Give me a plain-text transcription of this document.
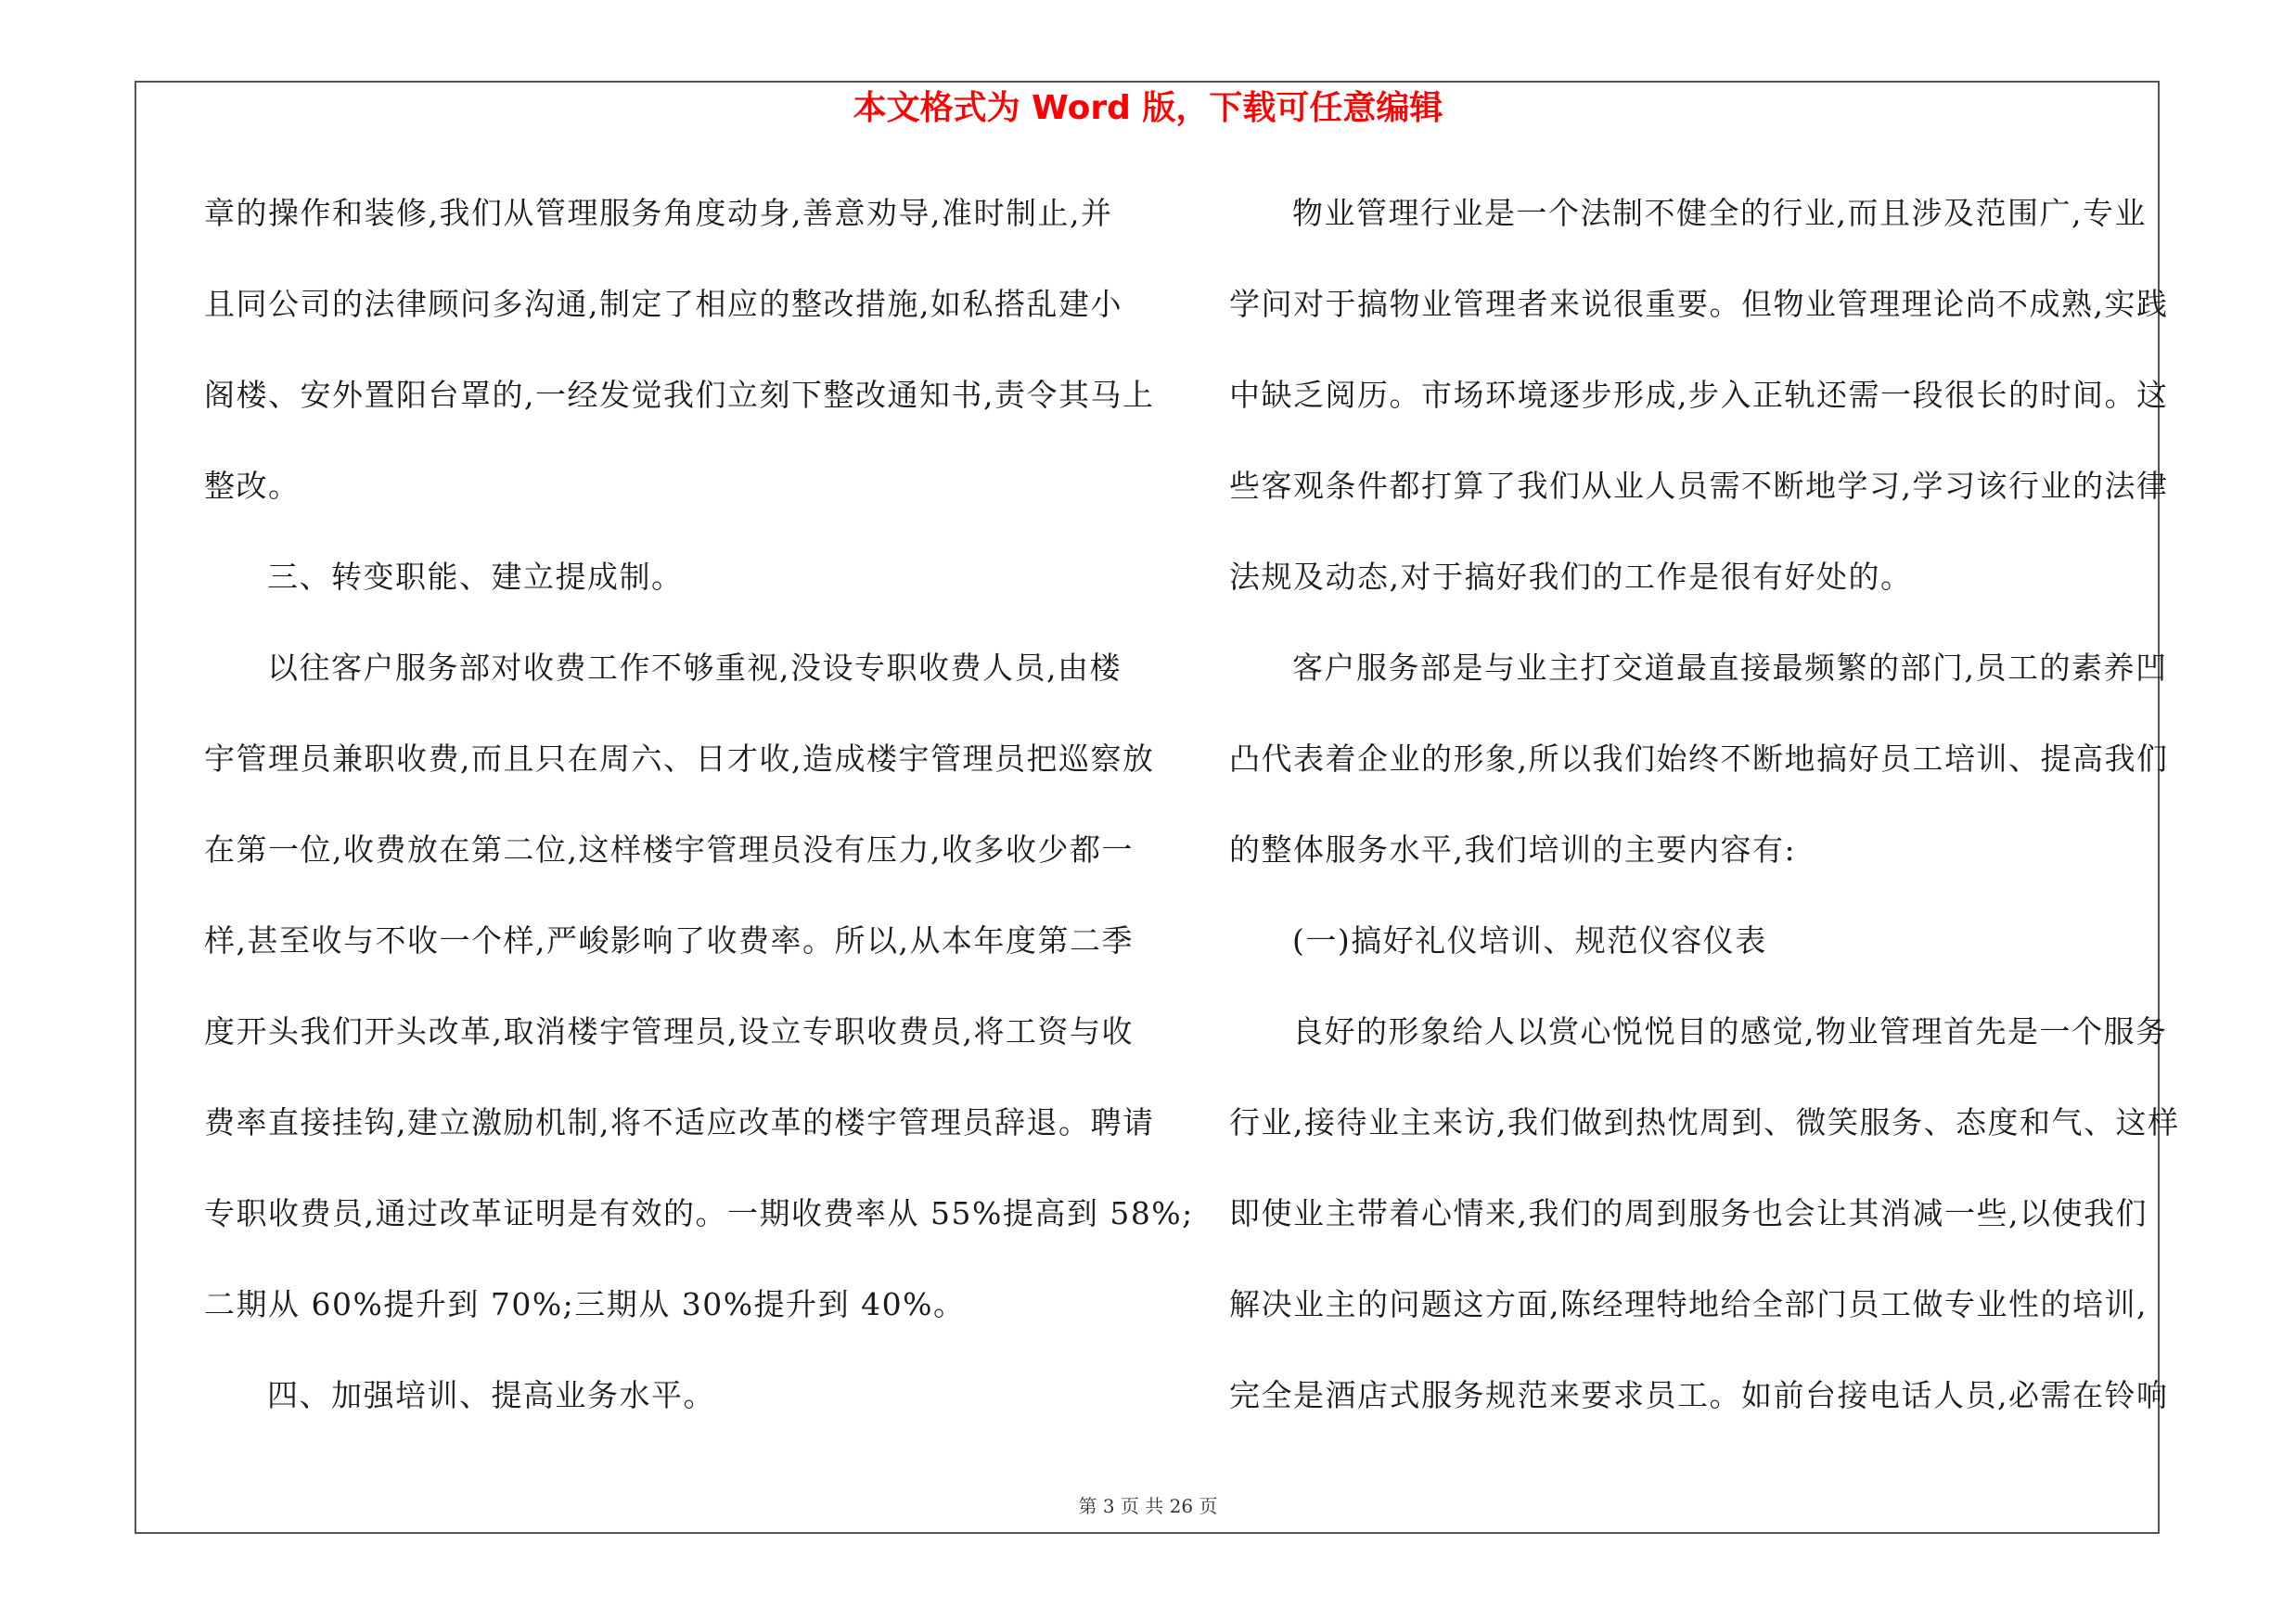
本文格式为 Word 版，下载可任意编辑
章的操作和装修,我们从管理服务角度动身,善意劝导,准时制止,并
且同公司的法律顾问多沟通,制定了相应的整改措施,如私搭乱建小
阁楼、安外置阳台罩的,一经发觉我们立刻下整改通知书,责令其马上
整改。
三、转变职能、建立提成制。
以往客户服务部对收费工作不够重视,没设专职收费人员,由楼
宇管理员兼职收费,而且只在周六、日才收,造成楼宇管理员把巡察放
在第一位,收费放在第二位,这样楼宇管理员没有压力,收多收少都一
样,甚至收与不收一个样,严峻影响了收费率。所以,从本年度第二季
度开头我们开头改革,取消楼宇管理员,设立专职收费员,将工资与收
费率直接挂钩,建立激励机制,将不适应改革的楼宇管理员辞退。聘请
专职收费员,通过改革证明是有效的。一期收费率从 55%提高到 58%;
二期从 60%提升到 70%;三期从 30%提升到 40%。
四、加强培训、提高业务水平。
物业管理行业是一个法制不健全的行业,而且涉及范围广,专业
学问对于搞物业管理者来说很重要。但物业管理理论尚不成熟,实践
中缺乏阅历。市场环境逐步形成,步入正轨还需一段很长的时间。这
些客观条件都打算了我们从业人员需不断地学习,学习该行业的法律
法规及动态,对于搞好我们的工作是很有好处的。
客户服务部是与业主打交道最直接最频繁的部门,员工的素养凹
凸代表着企业的形象,所以我们始终不断地搞好员工培训、提高我们
的整体服务水平,我们培训的主要内容有:
(一)搞好礼仪培训、规范仪容仪表
良好的形象给人以赏心悦悦目的感觉,物业管理首先是一个服务
行业,接待业主来访,我们做到热忱周到、微笑服务、态度和气、这样
即使业主带着心情来,我们的周到服务也会让其消减一些,以使我们
解决业主的问题这方面,陈经理特地给全部门员工做专业性的培训,
完全是酒店式服务规范来要求员工。如前台接电话人员,必需在铃响
第 3 页 共 26 页
